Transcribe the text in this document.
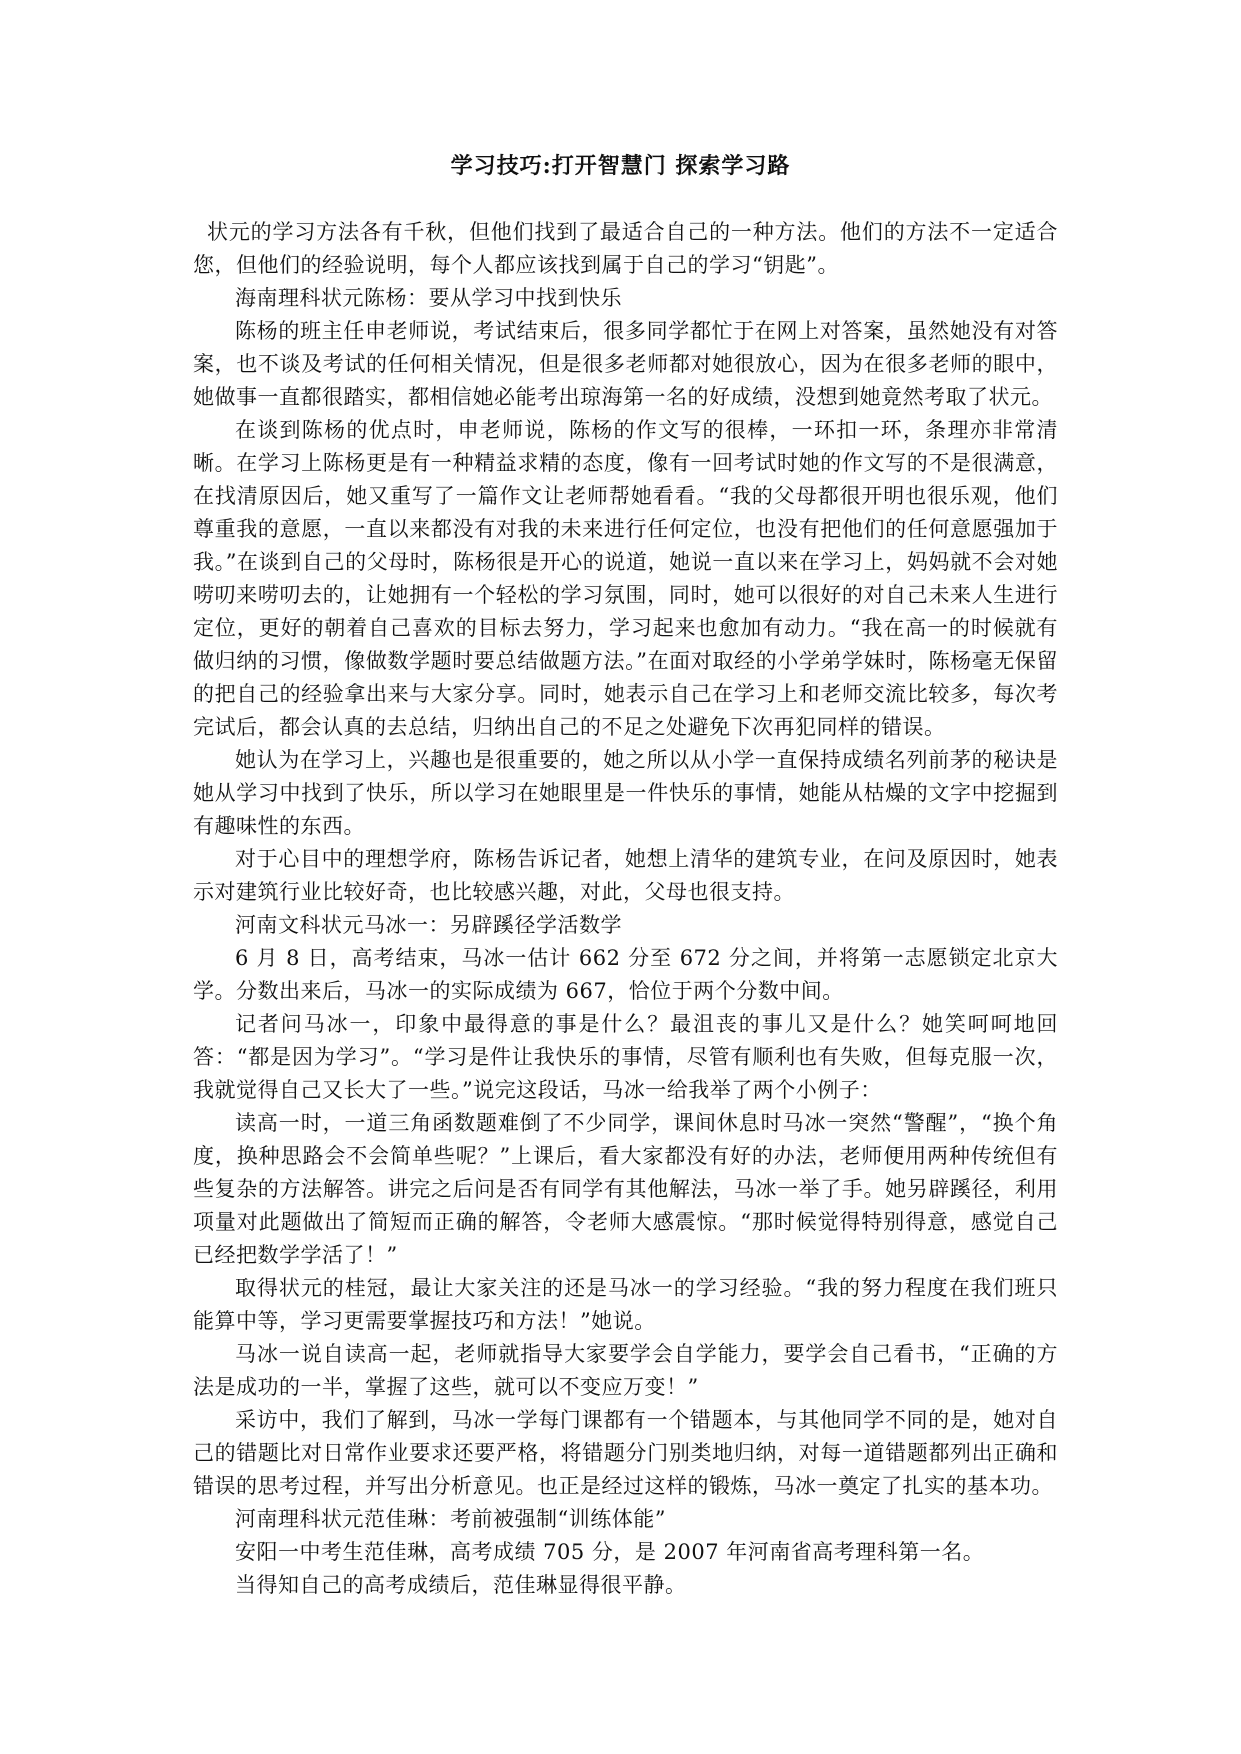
学习技巧:打开智慧门 探索学习路

状元的学习方法各有千秋，但他们找到了最适合自己的一种方法。他们的方法不一定适合您，但他们的经验说明，每个人都应该找到属于自己的学习“钥匙”。

海南理科状元陈杨：要从学习中找到快乐

陈杨的班主任申老师说，考试结束后，很多同学都忙于在网上对答案，虽然她没有对答案，也不谈及考试的任何相关情况，但是很多老师都对她很放心，因为在很多老师的眼中，她做事一直都很踏实，都相信她必能考出琼海第一名的好成绩，没想到她竟然考取了状元。

在谈到陈杨的优点时，申老师说，陈杨的作文写的很棒，一环扣一环，条理亦非常清晰。在学习上陈杨更是有一种精益求精的态度，像有一回考试时她的作文写的不是很满意，在找清原因后，她又重写了一篇作文让老师帮她看看。“我的父母都很开明也很乐观，他们尊重我的意愿，一直以来都没有对我的未来进行任何定位，也没有把他们的任何意愿强加于我。”在谈到自己的父母时，陈杨很是开心的说道，她说一直以来在学习上，妈妈就不会对她唠叨来唠叨去的，让她拥有一个轻松的学习氛围，同时，她可以很好的对自己未来人生进行定位，更好的朝着自己喜欢的目标去努力，学习起来也愈加有动力。“我在高一的时候就有做归纳的习惯，像做数学题时要总结做题方法。”在面对取经的小学弟学妹时，陈杨毫无保留的把自己的经验拿出来与大家分享。同时，她表示自己在学习上和老师交流比较多，每次考完试后，都会认真的去总结，归纳出自己的不足之处避免下次再犯同样的错误。

她认为在学习上，兴趣也是很重要的，她之所以从小学一直保持成绩名列前茅的秘诀是她从学习中找到了快乐，所以学习在她眼里是一件快乐的事情，她能从枯燥的文字中挖掘到有趣味性的东西。

对于心目中的理想学府，陈杨告诉记者，她想上清华的建筑专业，在问及原因时，她表示对建筑行业比较好奇，也比较感兴趣，对此，父母也很支持。

河南文科状元马冰一：另辟蹊径学活数学

6 月 8 日，高考结束，马冰一估计 662 分至 672 分之间，并将第一志愿锁定北京大学。分数出来后，马冰一的实际成绩为 667，恰位于两个分数中间。

记者问马冰一，印象中最得意的事是什么？最沮丧的事儿又是什么？她笑呵呵地回答：“都是因为学习”。“学习是件让我快乐的事情，尽管有顺利也有失败，但每克服一次，我就觉得自己又长大了一些。”说完这段话，马冰一给我举了两个小例子：

读高一时，一道三角函数题难倒了不少同学，课间休息时马冰一突然“警醒”，“换个角度，换种思路会不会简单些呢？”上课后，看大家都没有好的办法，老师便用两种传统但有些复杂的方法解答。讲完之后问是否有同学有其他解法，马冰一举了手。她另辟蹊径，利用项量对此题做出了简短而正确的解答，令老师大感震惊。“那时候觉得特别得意，感觉自己已经把数学学活了！”

取得状元的桂冠，最让大家关注的还是马冰一的学习经验。“我的努力程度在我们班只能算中等，学习更需要掌握技巧和方法！”她说。

马冰一说自读高一起，老师就指导大家要学会自学能力，要学会自己看书，“正确的方法是成功的一半，掌握了这些，就可以不变应万变！”

采访中，我们了解到，马冰一学每门课都有一个错题本，与其他同学不同的是，她对自己的错题比对日常作业要求还要严格，将错题分门别类地归纳，对每一道错题都列出正确和错误的思考过程，并写出分析意见。也正是经过这样的锻炼，马冰一奠定了扎实的基本功。

河南理科状元范佳琳：考前被强制“训练体能”

安阳一中考生范佳琳，高考成绩 705 分，是 2007 年河南省高考理科第一名。

当得知自己的高考成绩后，范佳琳显得很平静。
